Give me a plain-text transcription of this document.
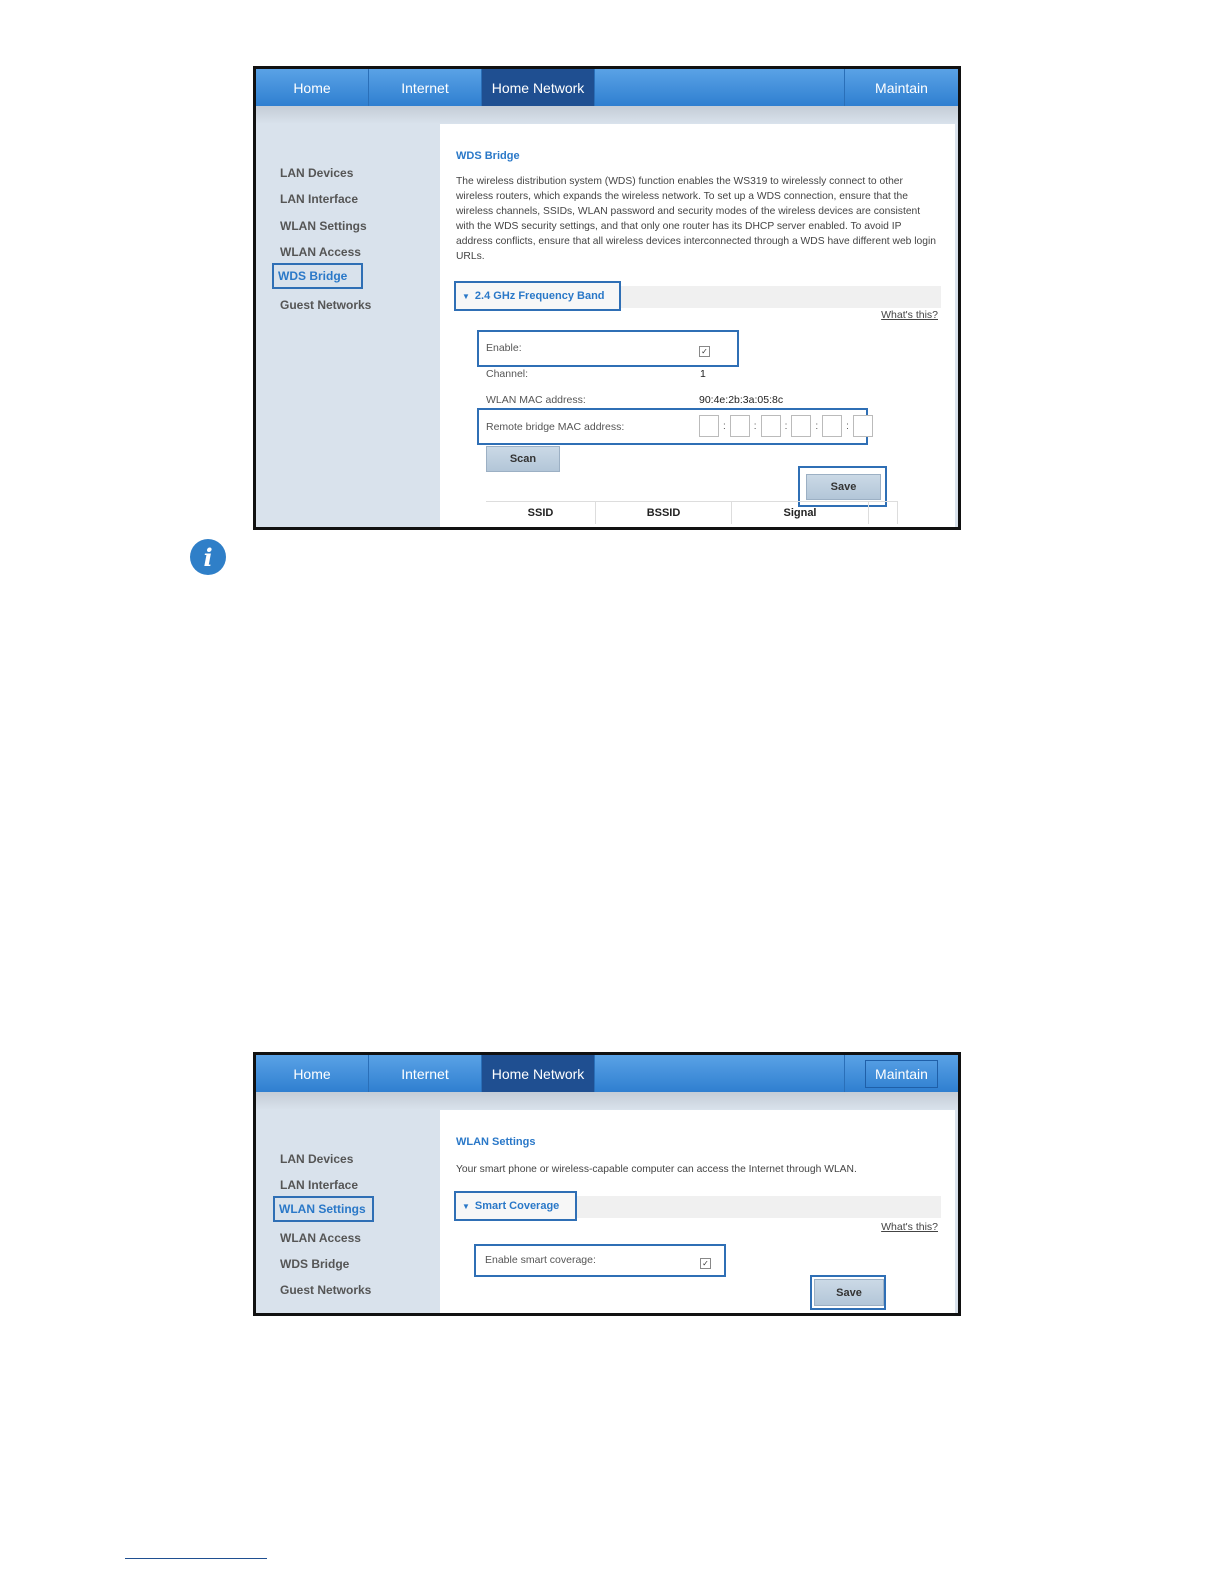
Home	Internet	Home Network	Maintain
LAN Devices
LAN Interface
WLAN Settings
WLAN Access
WDS Bridge
Guest Networks
WDS Bridge
The wireless distribution system (WDS) function enables the WS319 to wirelessly connect to other wireless routers, which expands the wireless network. To set up a WDS connection, ensure that the wireless channels, SSIDs, WLAN password and security modes of the wireless devices are consistent with the WDS security settings, and that only one router has its DHCP server enabled. To avoid IP address conflicts, ensure that all wireless devices interconnected through a WDS have different web login URLs.
▼ 2.4 GHz Frequency Band
What's this?
Enable:	✓
Channel:	1
WLAN MAC address:	90:4e:2b:3a:05:8c
Remote bridge MAC address:	:	:	:	:	:
Scan
Save
SSID	BSSID	Signal
i
Home	Internet	Home Network	Maintain
LAN Devices
LAN Interface
WLAN Settings
WLAN Access
WDS Bridge
Guest Networks
WLAN Settings
Your smart phone or wireless-capable computer can access the Internet through WLAN.
▼ Smart Coverage
What's this?
Enable smart coverage:	✓
Save
